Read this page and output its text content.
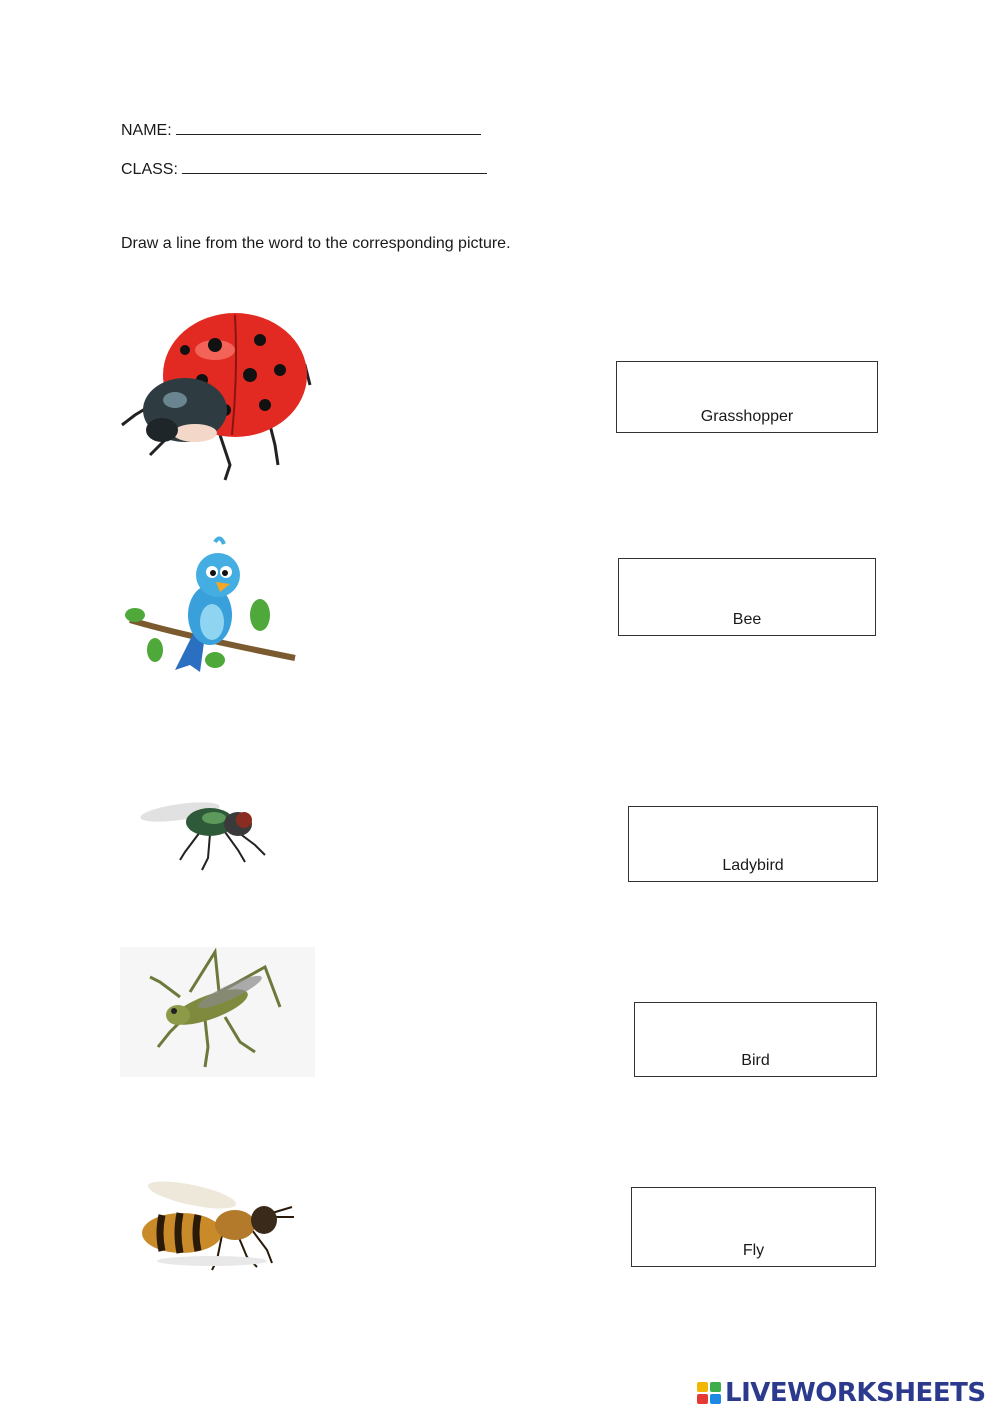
NAME:
CLASS:
Draw a line from the word to the corresponding picture.
Grasshopper
Bee
Ladybird
Bird
Fly
LIVEWORKSHEETS
